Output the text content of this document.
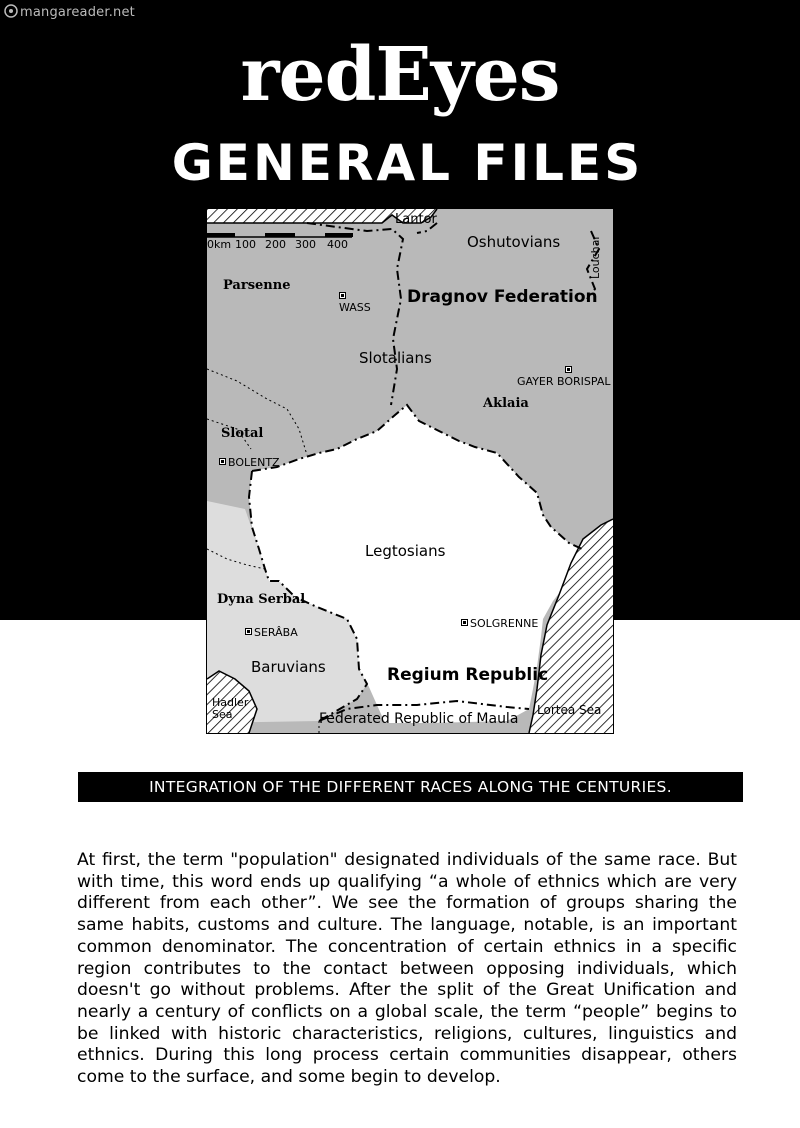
mangareader.net
redEyes
GENERAL FILES
0km 100 200 300 400
Lantor
Oshutovians	Louchar
Parsenne

WASS
Dragnov Federation
Slotalians

GAYER BORISPAL
Aklaia
Slotal
BOLENTZ
Legtosians
Dyna Serbal
SERÂBA
SOLGRENNE
Baruvians	Regium Republic
Hadler
Sea	Lortea Sea
Federated Republic of Maula
INTEGRATION OF THE DIFFERENT RACES ALONG THE CENTURIES.

At first, the term "population" designated individuals of the same race. But with time, this word ends up qualifying “a whole of ethnics which are very different from each other”. We see the formation of groups sharing the same habits, customs and culture. The language, notable, is an important common denominator. The concentration of certain ethnics in a specific region contributes to the contact between opposing individuals, which doesn't go without problems. After the split of the Great Unification and nearly a century of conflicts on a global scale, the term “people” begins to be linked with historic characteristics, religions, cultures, linguistics and ethnics. During this long process certain communities disappear, others come to the surface, and some begin to develop.
